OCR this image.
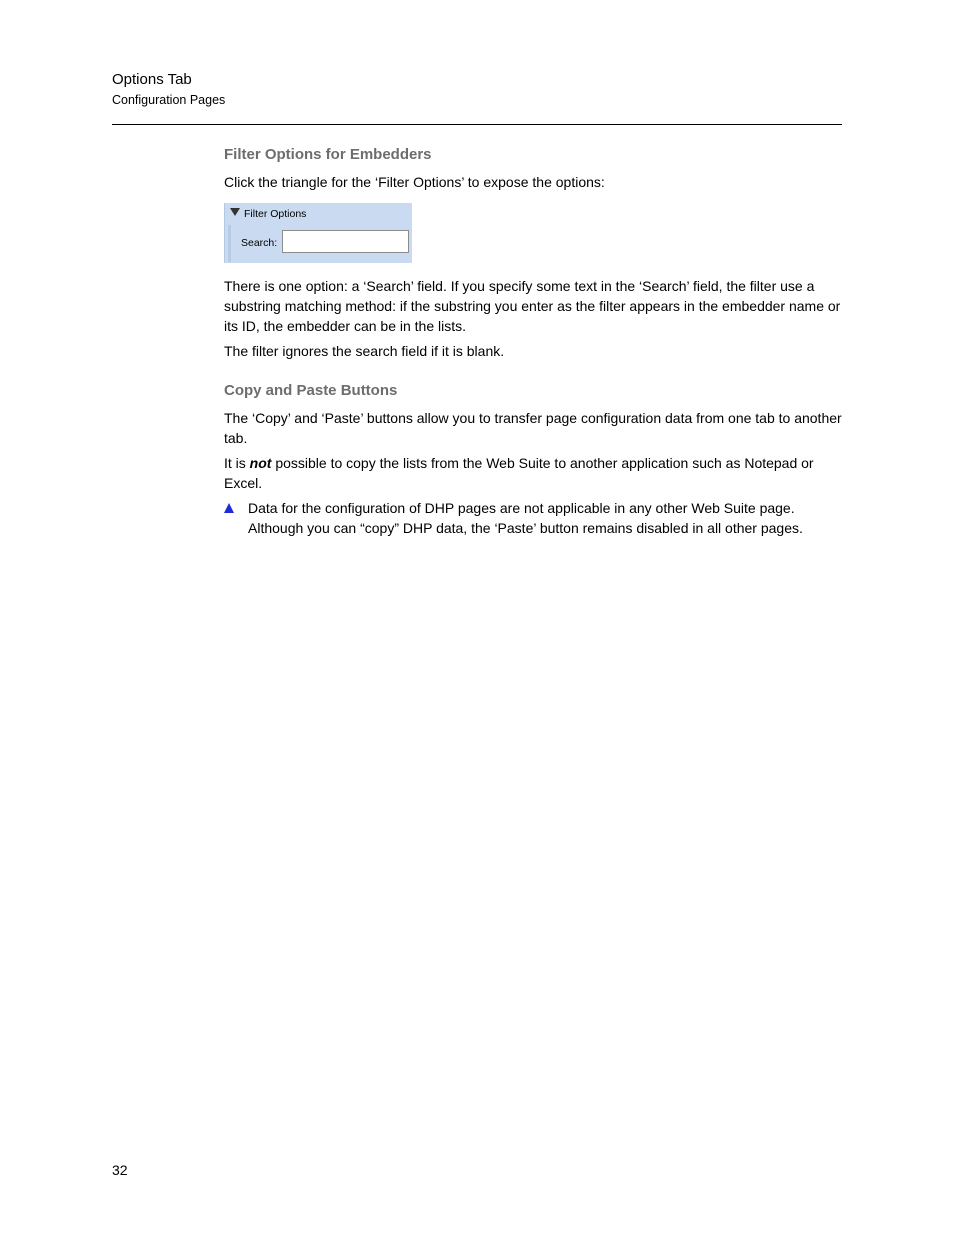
Options Tab
Configuration Pages
Filter Options for Embedders

Click the triangle for the ‘Filter Options’ to expose the options:

Filter Options
Search:

There is one option: a ‘Search’ field. If you specify some text in the ‘Search’ field, the filter use a substring matching method: if the substring you enter as the filter appears in the embedder name or its ID, the embedder can be in the lists.

The filter ignores the search field if it is blank.

Copy and Paste Buttons

The ‘Copy’ and ‘Paste’ buttons allow you to transfer page configuration data from one tab to another tab.

It is not possible to copy the lists from the Web Suite to another application such as Notepad or Excel.

Data for the configuration of DHP pages are not applicable in any other Web Suite page. Although you can “copy” DHP data, the ‘Paste’ button remains disabled in all other pages.
32
